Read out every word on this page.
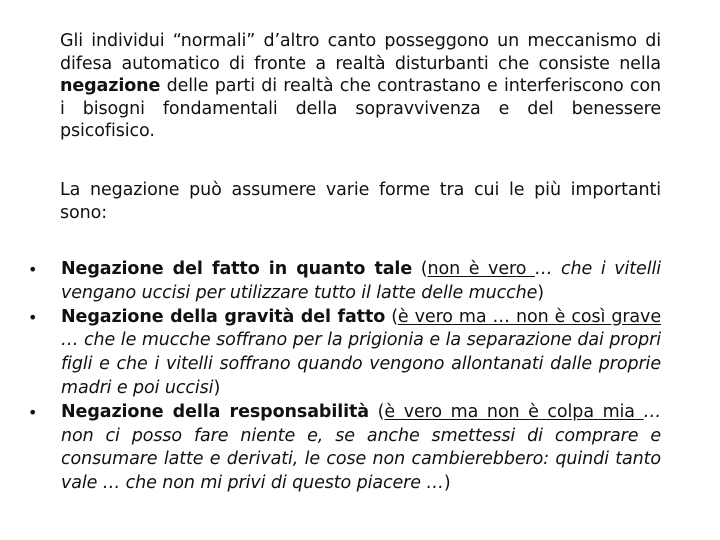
Gli individui “normali” d’altro canto posseggono un meccanismo di difesa automatico di fronte a realtà disturbanti che consiste nella negazione delle parti di realtà che contrastano e interferiscono con i bisogni fondamentali della sopravvivenza e del benessere psicofisico.
La negazione può assumere varie forme tra cui le più importanti sono:
• Negazione del fatto in quanto tale (non è vero … che i vitelli vengano uccisi per utilizzare tutto il latte delle mucche)
• Negazione della gravità del fatto (è vero ma … non è così grave … che le mucche soffrano per la prigionia e la separazione dai propri figli e che i vitelli soffrano quando vengono allontanati dalle proprie madri e poi uccisi)
• Negazione della responsabilità (è vero ma non è colpa mia … non ci posso fare niente e, se anche smettessi di comprare e consumare latte e derivati, le cose non cambierebbero: quindi tanto vale … che non mi privi di questo piacere …)
